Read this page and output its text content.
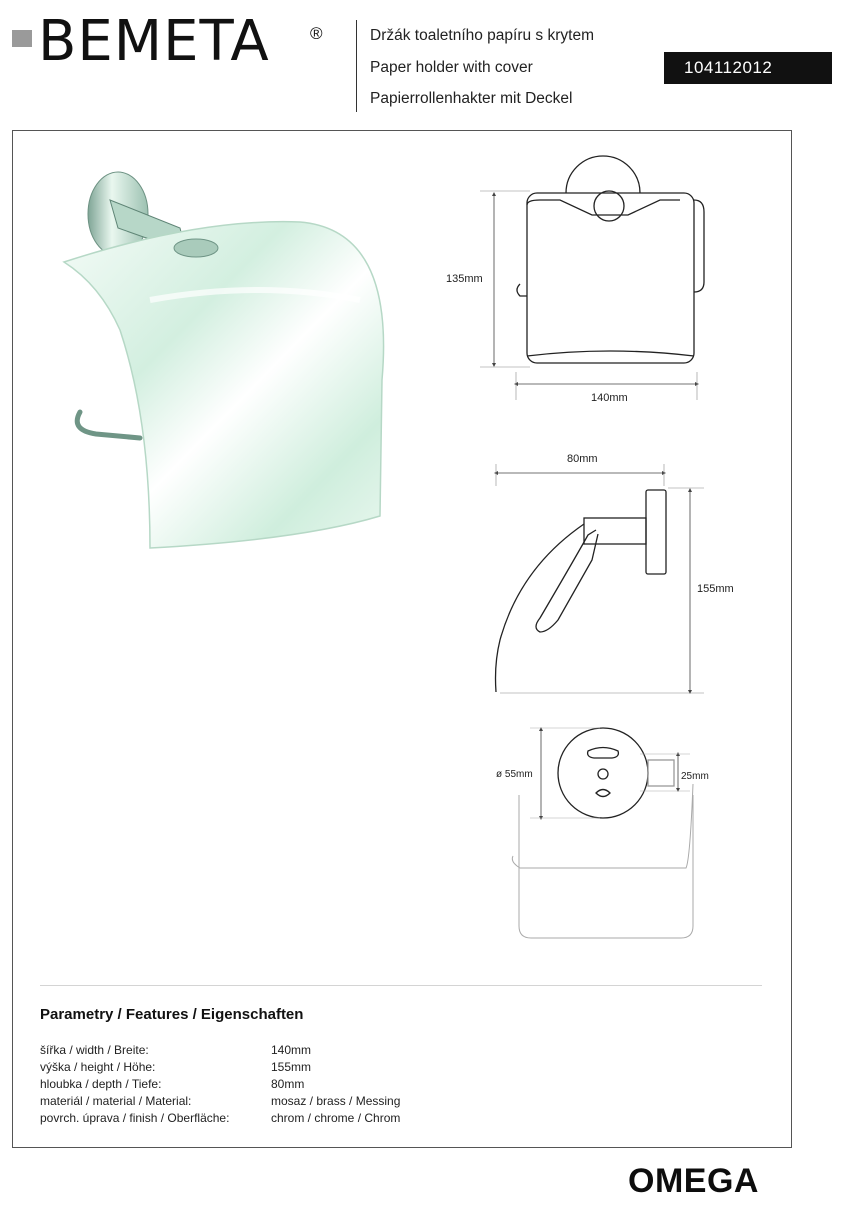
BEMETA ®	Držák toaletního papíru s krytem
Paper holder with cover
Papierrollenhakter mit Deckel
104112012
135mm
140mm
80mm
155mm
ø 55mm	25mm
Parametry / Features / Eigenschaften
šířka / width / Breite:	140mm
výška / height / Höhe:	155mm
hloubka / depth / Tiefe:	80mm
materiál / material / Material:	mosaz / brass / Messing
povrch. úprava / finish / Oberfläche:	chrom / chrome / Chrom
OMEGA
